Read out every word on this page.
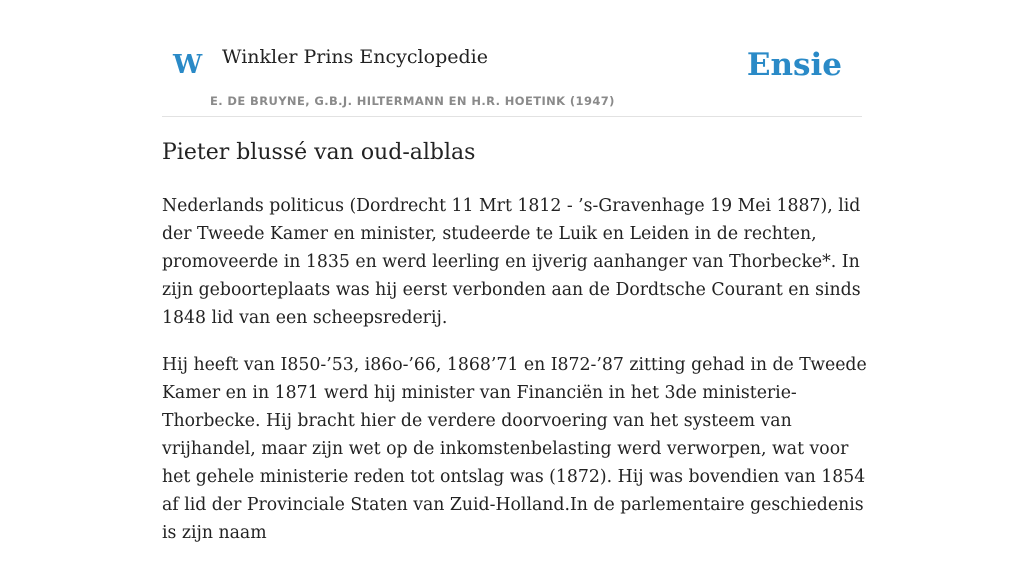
W Winkler Prins Encyclopedie
E. DE BRUYNE, G.B.J. HILTERMANN EN H.R. HOETINK (1947)
Ensie
Pieter blussé van oud-alblas

Nederlands politicus (Dordrecht 11 Mrt 1812 - ’s-Gravenhage 19 Mei 1887), lid der Tweede Kamer en minister, studeerde te Luik en Leiden in de rechten, promoveerde in 1835 en werd leerling en ijverig aanhanger van Thorbecke*. In zijn geboorteplaats was hij eerst verbonden aan de Dordtsche Courant en sinds 1848 lid van een scheepsrederij.

Hij heeft van I850-’53, i86o-’66, 1868’71 en I872-’87 zitting gehad in de Tweede Kamer en in 1871 werd hij minister van Financiën in het 3de ministerie-Thorbecke. Hij bracht hier de verdere doorvoering van het systeem van vrijhandel, maar zijn wet op de inkomstenbelasting werd verworpen, wat voor het gehele ministerie reden tot ontslag was (1872). Hij was bovendien van 1854 af lid der Provinciale Staten van Zuid-Holland.In de parlementaire geschiedenis is zijn naam
